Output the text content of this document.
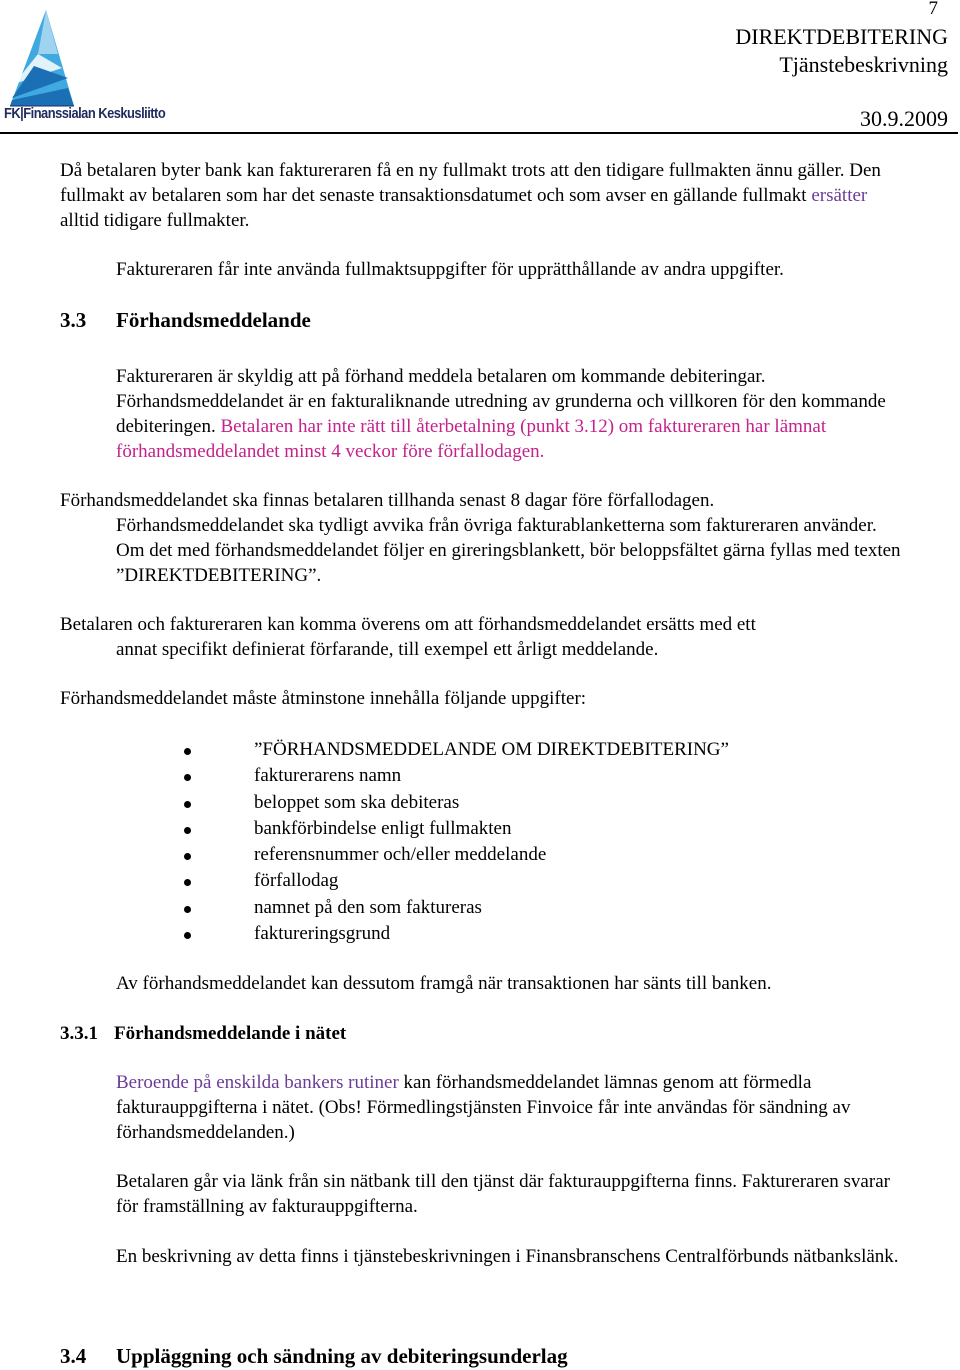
FK|Finanssialan Keskusliitto
7
DIREKTDEBITERING
Tjänstebeskrivning
30.9.2009
Då betalaren byter bank kan faktureraren få en ny fullmakt trots att den tidigare fullmakten ännu gäller. Den fullmakt av betalaren som har det senaste transaktionsdatumet och som avser en gällande fullmakt ersätter alltid tidigare fullmakter.
Faktureraren får inte använda fullmaktsuppgifter för upprätthållande av andra uppgifter.
3.3 Förhandsmeddelande
Faktureraren är skyldig att på förhand meddela betalaren om kommande debiteringar. Förhandsmeddelandet är en fakturaliknande utredning av grunderna och villkoren för den kommande debiteringen. Betalaren har inte rätt till återbetalning (punkt 3.12) om faktureraren har lämnat förhandsmeddelandet minst 4 veckor före förfallodagen.
Förhandsmeddelandet ska finnas betalaren tillhanda senast 8 dagar före förfallodagen.
Förhandsmeddelandet ska tydligt avvika från övriga fakturablanketterna som faktureraren använder. Om det med förhandsmeddelandet följer en gireringsblankett, bör beloppsfältet gärna fyllas med texten ”DIREKTDEBITERING”.
Betalaren och faktureraren kan komma överens om att förhandsmeddelandet ersätts med ett
annat specifikt definierat förfarande, till exempel ett årligt meddelande.
Förhandsmeddelandet måste åtminstone innehålla följande uppgifter:
”FÖRHANDSMEDDELANDE OM DIREKTDEBITERING”
fakturerarens namn
beloppet som ska debiteras
bankförbindelse enligt fullmakten
referensnummer och/eller meddelande
förfallodag
namnet på den som faktureras
faktureringsgrund
Av förhandsmeddelandet kan dessutom framgå när transaktionen har sänts till banken.
3.3.1 Förhandsmeddelande i nätet
Beroende på enskilda bankers rutiner kan förhandsmeddelandet lämnas genom att förmedla fakturauppgifterna i nätet. (Obs! Förmedlingstjänsten Finvoice får inte användas för sändning av förhandsmeddelanden.)
Betalaren går via länk från sin nätbank till den tjänst där fakturauppgifterna finns. Faktureraren svarar för framställning av fakturauppgifterna.
En beskrivning av detta finns i tjänstebeskrivningen i Finansbranschens Centralförbunds nätbankslänk.
3.4 Uppläggning och sändning av debiteringsunderlag
